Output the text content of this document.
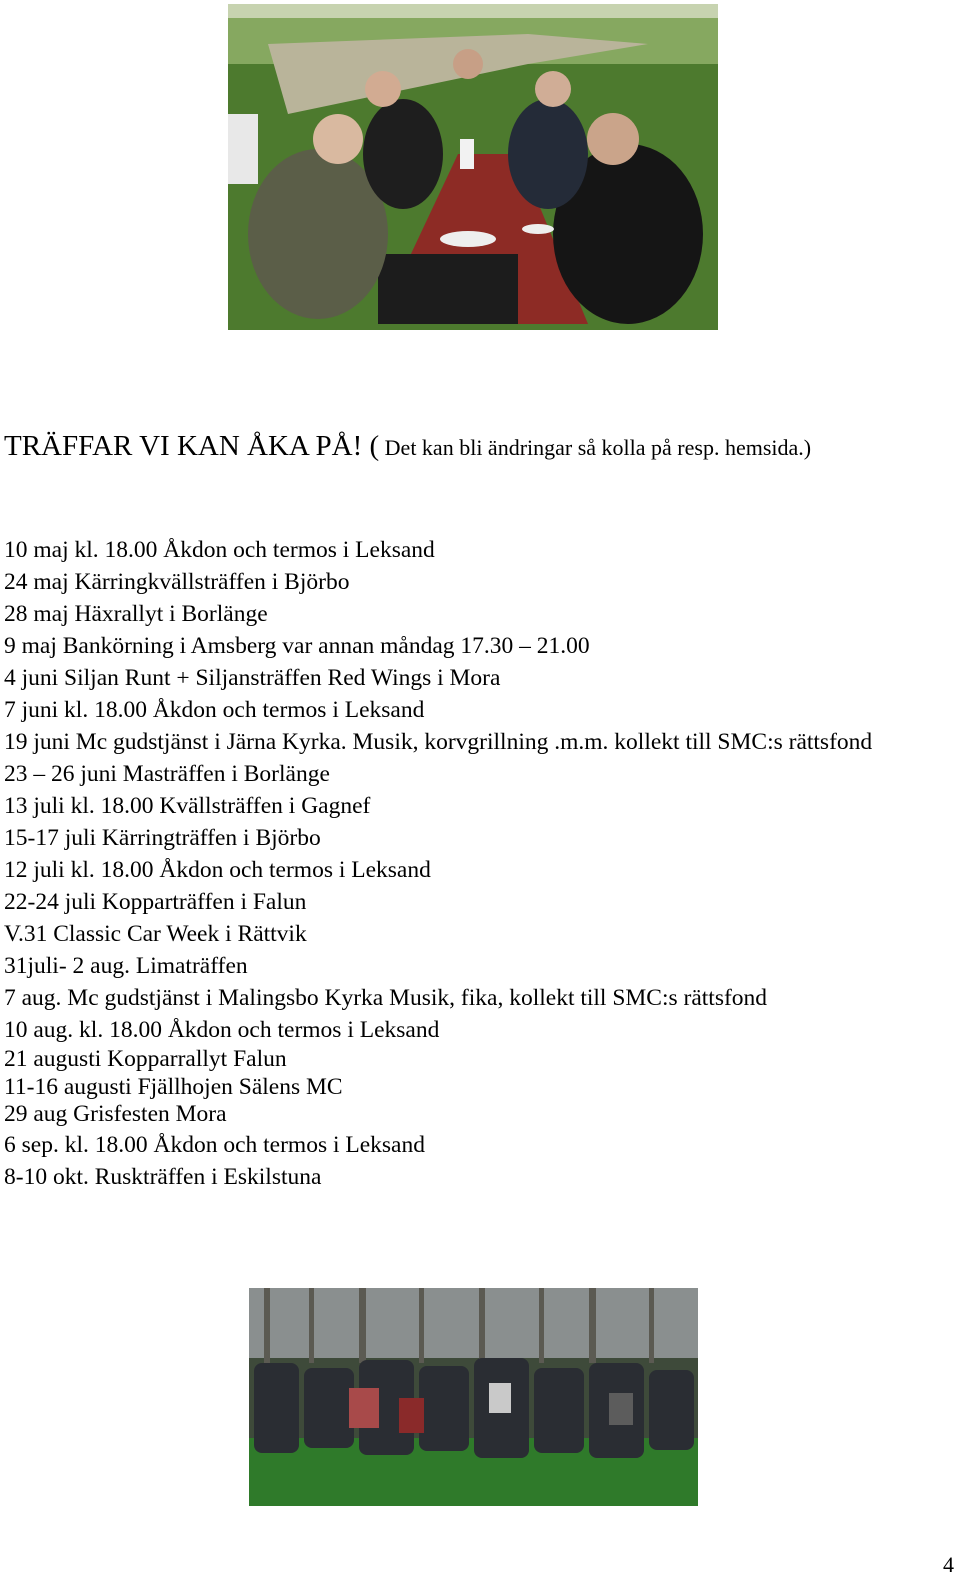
TRÄFFAR VI KAN ÅKA PÅ! ( Det kan bli ändringar så kolla på resp. hemsida.)
10 maj kl. 18.00 Åkdon och termos i Leksand
24 maj Kärringkvällsträffen i Björbo
28 maj Häxrallyt i Borlänge
9 maj Bankörning i Amsberg var annan måndag 17.30 – 21.00
4 juni Siljan Runt + Siljansträffen Red Wings i Mora
7 juni kl. 18.00 Åkdon och termos i Leksand
19 juni Mc gudstjänst i Järna Kyrka. Musik, korvgrillning .m.m. kollekt till SMC:s rättsfond
23 – 26 juni Masträffen i Borlänge
13 juli kl. 18.00 Kvällsträffen i Gagnef
15-17 juli Kärringträffen i Björbo
12 juli kl. 18.00 Åkdon och termos i Leksand
22-24 juli Kopparträffen i Falun
V.31 Classic Car Week i Rättvik
31juli- 2 aug. Limaträffen
7 aug. Mc gudstjänst i Malingsbo Kyrka Musik, fika, kollekt till SMC:s rättsfond
10 aug. kl. 18.00 Åkdon och termos i Leksand
21 augusti Kopparrallyt Falun
11-16 augusti Fjällhojen Sälens MC
29 aug Grisfesten Mora
6 sep. kl. 18.00 Åkdon och termos i Leksand
8-10 okt. Ruskträffen i Eskilstuna
4
